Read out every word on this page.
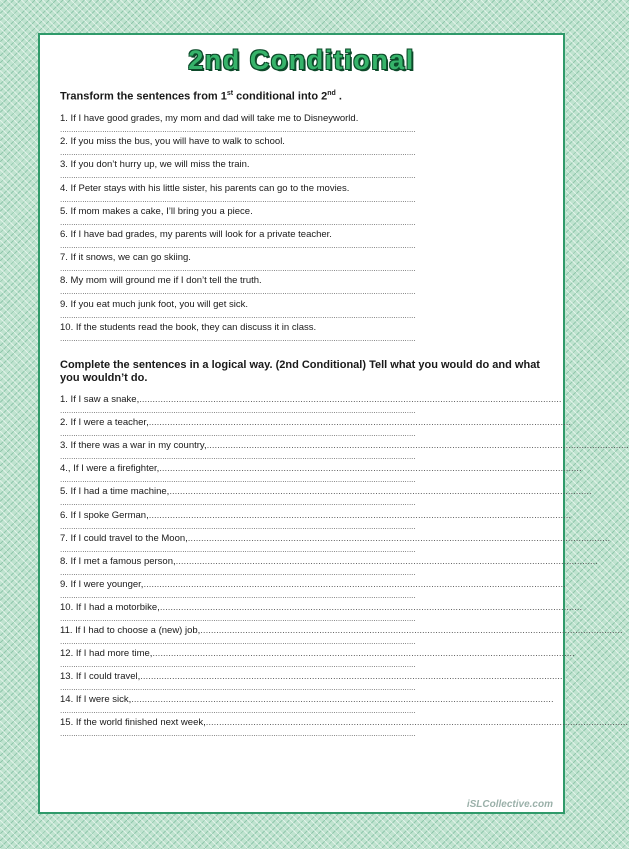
2nd Conditional
Transform the sentences from 1st conditional into 2nd .
1. If I have good grades, my mom and dad will take me to Disneyworld.
................................................................................................................................................................
2. If you miss the bus, you will have to walk to school.
................................................................................................................................................................
3. If you don’t hurry up, we will miss the train.
................................................................................................................................................................
4. If Peter stays with his little sister, his parents can go to the movies.
................................................................................................................................................................
5. If mom makes a cake, I’ll bring you a piece.
................................................................................................................................................................
6. If I have bad grades, my parents will look for a private teacher.
................................................................................................................................................................
7. If it snows, we can go skiing.
................................................................................................................................................................
8. My mom will ground me if I don’t tell the truth.
................................................................................................................................................................
9. If you eat much junk foot, you will get sick.
................................................................................................................................................................
10. If the students read the book, they can discuss it in class.
................................................................................................................................................................
Complete the sentences in a logical way. (2nd Conditional) Tell what you would do and what you wouldn’t do.
1. If I saw a snake,................................................................................................................................................................
................................................................................................................................................................
2. If I were a teacher,................................................................................................................................................................
................................................................................................................................................................
3. If there was a war in my country,................................................................................................................................................................
................................................................................................................................................................
4., If I were a firefighter,................................................................................................................................................................
................................................................................................................................................................
5. If I had a time machine,................................................................................................................................................................
................................................................................................................................................................
6. If I spoke German,................................................................................................................................................................
................................................................................................................................................................
7. If I could travel to the Moon,................................................................................................................................................................
................................................................................................................................................................
8. If I met a famous person,................................................................................................................................................................
................................................................................................................................................................
9. If I were younger,................................................................................................................................................................
................................................................................................................................................................
10. If I had a motorbike,................................................................................................................................................................
................................................................................................................................................................
11. If I had to choose a (new) job,................................................................................................................................................................
................................................................................................................................................................
12. If I had more time,................................................................................................................................................................
................................................................................................................................................................
13. If I could travel,................................................................................................................................................................
................................................................................................................................................................
14. If I were sick,................................................................................................................................................................
................................................................................................................................................................
15. If the world finished next week,................................................................................................................................................................
................................................................................................................................................................
iSLCollective.com
